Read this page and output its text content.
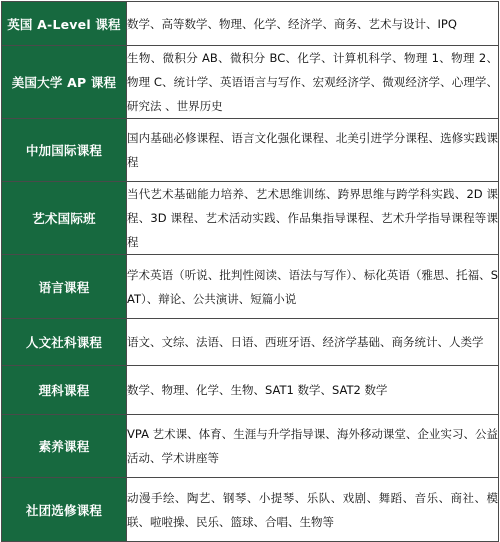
英国 A-Level 课程	数学、高等数学、物理、化学、经济学、商务、艺术与设计、IPQ
美国大学 AP 课程	生物、微积分 AB、微积分 BC、化学、计算机科学、物理 1、物理 2、物理 C、统计学、英语语言与写作、宏观经济学、微观经济学、心理学、研究法 、世界历史
中加国际课程	国内基础必修课程、语言文化强化课程、北美引进学分课程、选修实践课程
艺术国际班	当代艺术基础能力培养、艺术思维训练、跨界思维与跨学科实践、2D 课程、3D 课程、艺术活动实践、作品集指导课程、艺术升学指导课程等课程
语言课程	学术英语（听说、批判性阅读、语法与写作）、标化英语（雅思、托福、SAT）、辩论、公共演讲、短篇小说
人文社科课程	语文、文综、法语、日语、西班牙语、经济学基础、商务统计、人类学
理科课程	数学、物理、化学、生物、SAT1 数学、SAT2 数学
素养课程	VPA 艺术课、体育、生涯与升学指导课、海外移动课堂、企业实习、公益活动、学术讲座等
社团选修课程	动漫手绘、陶艺、钢琴、小提琴、乐队、戏剧、舞蹈、音乐、商社、模联、啦啦操、民乐、篮球、合唱、生物等
